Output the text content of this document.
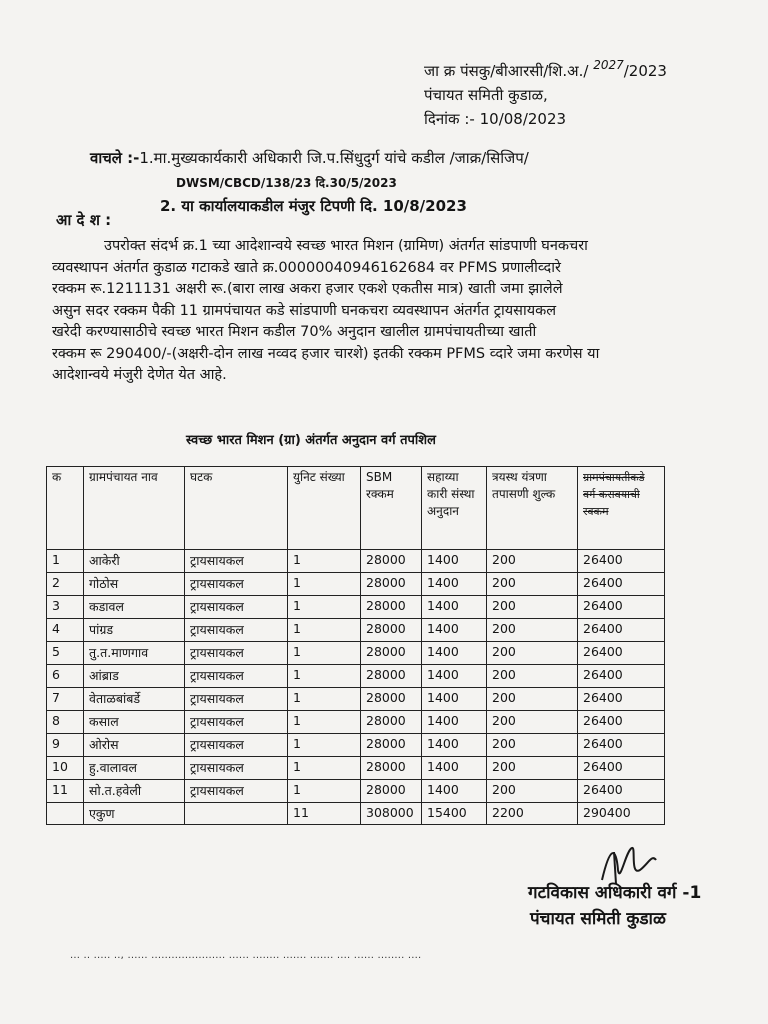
जा क्र पंसकु/बीआरसी/शि.अ./ $^{2027}$/2023
पंचायत समिती कुडाळ,
दिनांक :- 10/08/2023
वाचले :-1.मा.मुख्यकार्यकारी अधिकारी जि.प.सिंधुदुर्ग यांचे कडील /जाक्र/सिजिप/
DWSM/CBCD/138/23 दि.30/5/2023
2. या कार्यालयाकडील मंजुर टिपणी दि. 10/8/2023
आ दे श :
उपरोक्त संदर्भ क्र.1 च्या आदेशान्वये स्वच्छ भारत मिशन (ग्रामिण) अंतर्गत सांडपाणी घनकचरा
व्यवस्थापन अंतर्गत कुडाळ गटाकडे खाते क्र.00000040946162684 वर PFMS प्रणालीव्दारे
रक्कम रू.1211131 अक्षरी रू.(बारा लाख अकरा हजार एकशे एकतीस मात्र) खाती जमा झालेले
असुन सदर रक्कम पैकी 11 ग्रामपंचायत कडे सांडपाणी घनकचरा व्यवस्थापन अंतर्गत ट्रायसायकल
खरेदी करण्यासाठीचे स्वच्छ भारत मिशन कडील 70% अनुदान खालील ग्रामपंचायतीच्या खाती
रक्कम रू 290400/-(अक्षरी-दोन लाख नव्वद हजार चारशे) इतकी रक्कम PFMS व्दारे जमा करणेस या
आदेशान्वये मंजुरी देणेत येत आहे.
स्वच्छ भारत मिशन (ग्रा) अंतर्गत अनुदान वर्ग तपशिल
क	ग्रामपंचायत नाव	घटक	युनिट संख्या	SBM रक्कम	सहाय्या कारी संस्था अनुदान	त्रयस्थ यंत्रणा तपासणी शुल्क	ग्रामपंचायतीकडे वर्ग करावयाची रक्कम
1	आकेरी	ट्रायसायकल	1	28000	1400	200	26400
2	गोठोस	ट्रायसायकल	1	28000	1400	200	26400
3	कडावल	ट्रायसायकल	1	28000	1400	200	26400
4	पांग्रड	ट्रायसायकल	1	28000	1400	200	26400
5	तु.त.माणगाव	ट्रायसायकल	1	28000	1400	200	26400
6	आंब्राड	ट्रायसायकल	1	28000	1400	200	26400
7	वेताळबांबर्डे	ट्रायसायकल	1	28000	1400	200	26400
8	कसाल	ट्रायसायकल	1	28000	1400	200	26400
9	ओरोस	ट्रायसायकल	1	28000	1400	200	26400
10	हु.वालावल	ट्रायसायकल	1	28000	1400	200	26400
11	सो.त.हवेली	ट्रायसायकल	1	28000	1400	200	26400
	एकुण		11	308000	15400	2200	290400
गटविकास अधिकारी वर्ग -1
पंचायत समिती कुडाळ
... .. ..... .., ...... ...................... ...... ........ ....... ....... .... ...... ........ ....
